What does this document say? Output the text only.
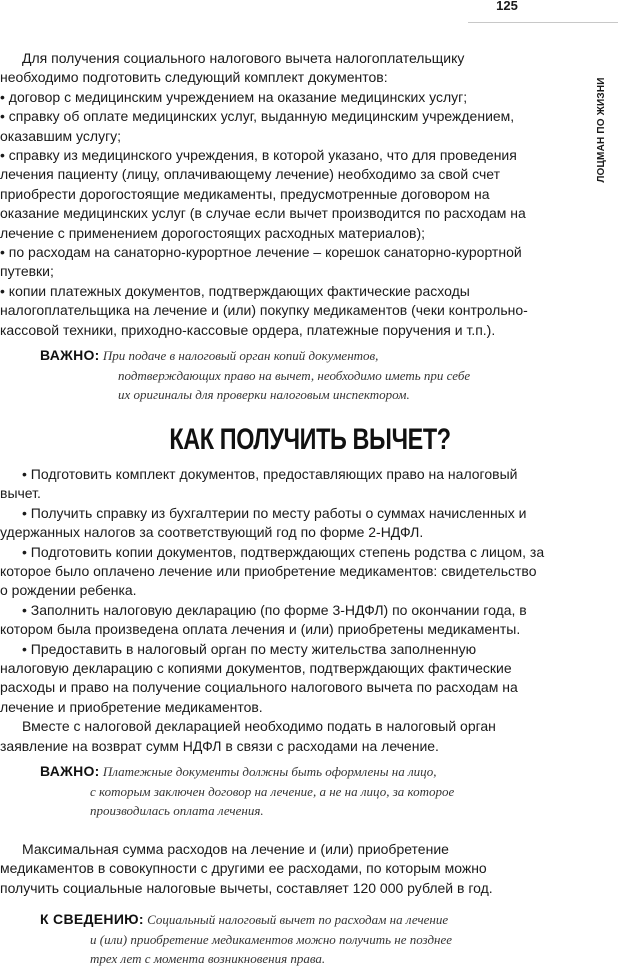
125
ЛОЦМАН ПО ЖИЗНИ

Для получения социального налогового вычета налогоплательщику необходимо подготовить следующий комплект документов:

• договор с медицинским учреждением на оказание медицинских услуг;

• справку об оплате медицинских услуг, выданную медицинским учреждением, оказавшим услугу;

• справку из медицинского учреждения, в которой указано, что для проведения лечения пациенту (лицу, оплачивающему лечение) необходимо за свой счет приобрести дорогостоящие медикаменты, предусмотренные договором на оказание медицинских услуг (в случае если вычет производится по расходам на лечение с применением дорогостоящих расходных материалов);

• по расходам на санаторно-курортное лечение – корешок санаторно-курортной путевки;

• копии платежных документов, подтверждающих фактические расходы налогоплательщика на лечение и (или) покупку медикаментов (чеки контрольно-кассовой техники, приходно-кассовые ордера, платежные поручения и т.п.).

ВАЖНО: При подаче в налоговый орган копий документов,
подтверждающих право на вычет, необходимо иметь при себе
их оригиналы для проверки налоговым инспектором.
КАК ПОЛУЧИТЬ ВЫЧЕТ?

• Подготовить комплект документов, предоставляющих право на налоговый вычет.

• Получить справку из бухгалтерии по месту работы о суммах начисленных и удержанных налогов за соответствующий год по форме 2-НДФЛ.

• Подготовить копии документов, подтверждающих степень родства с лицом, за которое было оплачено лечение или приобретение медикаментов: свидетельство о рождении ребенка.

• Заполнить налоговую декларацию (по форме 3-НДФЛ) по окончании года, в котором была произведена оплата лечения и (или) приобретены медикаменты.

• Предоставить в налоговый орган по месту жительства заполненную налоговую декларацию с копиями документов, подтверждающих фактические расходы и право на получение социального налогового вычета по расходам на лечение и приобретение медикаментов.

Вместе с налоговой декларацией необходимо подать в налоговый орган заявление на возврат сумм НДФЛ в связи с расходами на лечение.

ВАЖНО: Платежные документы должны быть оформлены на лицо,
с которым заключен договор на лечение, а не на лицо, за которое
производилась оплата лечения.

Максимальная сумма расходов на лечение и (или) приобретение медикаментов в совокупности с другими ее расходами, по которым можно получить социальные налоговые вычеты, составляет 120 000 рублей в год.

К СВЕДЕНИЮ: Социальный налоговый вычет по расходам на лечение
и (или) приобретение медикаментов можно получить не позднее
трех лет с момента возникновения права.
